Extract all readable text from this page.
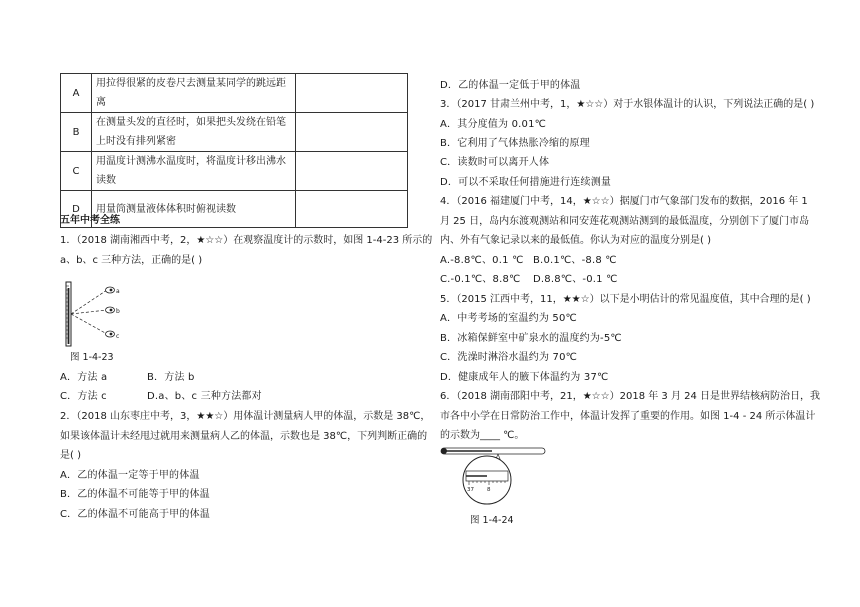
A	用拉得很紧的皮卷尺去测量某同学的跳远距离	
B	在测量头发的直径时，如果把头发绕在铅笔上时没有排列紧密	
C	用温度计测沸水温度时，将温度计移出沸水读数	
D	用量筒测量液体体积时俯视读数	
五年中考全练
1．（2018 湖南湘西中考，2，★☆☆）在观察温度计的示数时，如图 1-4-23 所示的
a、b、c 三种方法，正确的是( )
a
b
c
图 1-4-23
A．方法 a	B．方法 b
C．方法 c	D.a、b、c 三种方法都对
2．（2018 山东枣庄中考，3，★★☆）用体温计测量病人甲的体温，示数是 38℃，
如果该体温计未经甩过就用来测量病人乙的体温，示数也是 38℃，下列判断正确的
是( )
A．乙的体温一定等于甲的体温
B．乙的体温不可能等于甲的体温
C．乙的体温不可能高于甲的体温
D．乙的体温一定低于甲的体温
3．（2017 甘肃兰州中考，1，★☆☆）对于水银体温计的认识，下列说法正确的是( )
A．其分度值为 0.01℃
B．它利用了气体热胀冷缩的原理
C．读数时可以离开人体
D．可以不采取任何措施进行连续测量
4．（2016 福建厦门中考，14，★☆☆）据厦门市气象部门发布的数据，2016 年 1
月 25 日，岛内东渡观测站和同安莲花观测站测到的最低温度，分别创下了厦门市岛
内、外有气象记录以来的最低值。你认为对应的温度分别是( )
A.-8.8℃、0.1 ℃ B.0.1℃、-8.8 ℃
C.-0.1℃、8.8℃ D.8.8℃、-0.1 ℃
5．（2015 江西中考，11，★★☆）以下是小明估计的常见温度值，其中合理的是( )
A．中考考场的室温约为 50℃
B．冰箱保鲜室中矿泉水的温度约为-5℃
C．洗澡时淋浴水温约为 70℃
D．健康成年人的腋下体温约为 37℃
6．（2018 湖南邵阳中考，21，★☆☆）2018 年 3 月 24 日是世界结核病防治日，我
市各中小学在日常防治工作中，体温计发挥了重要的作用。如图 1-4 - 24 所示体温计
的示数为____ ℃。
37 8
图 1-4-24
